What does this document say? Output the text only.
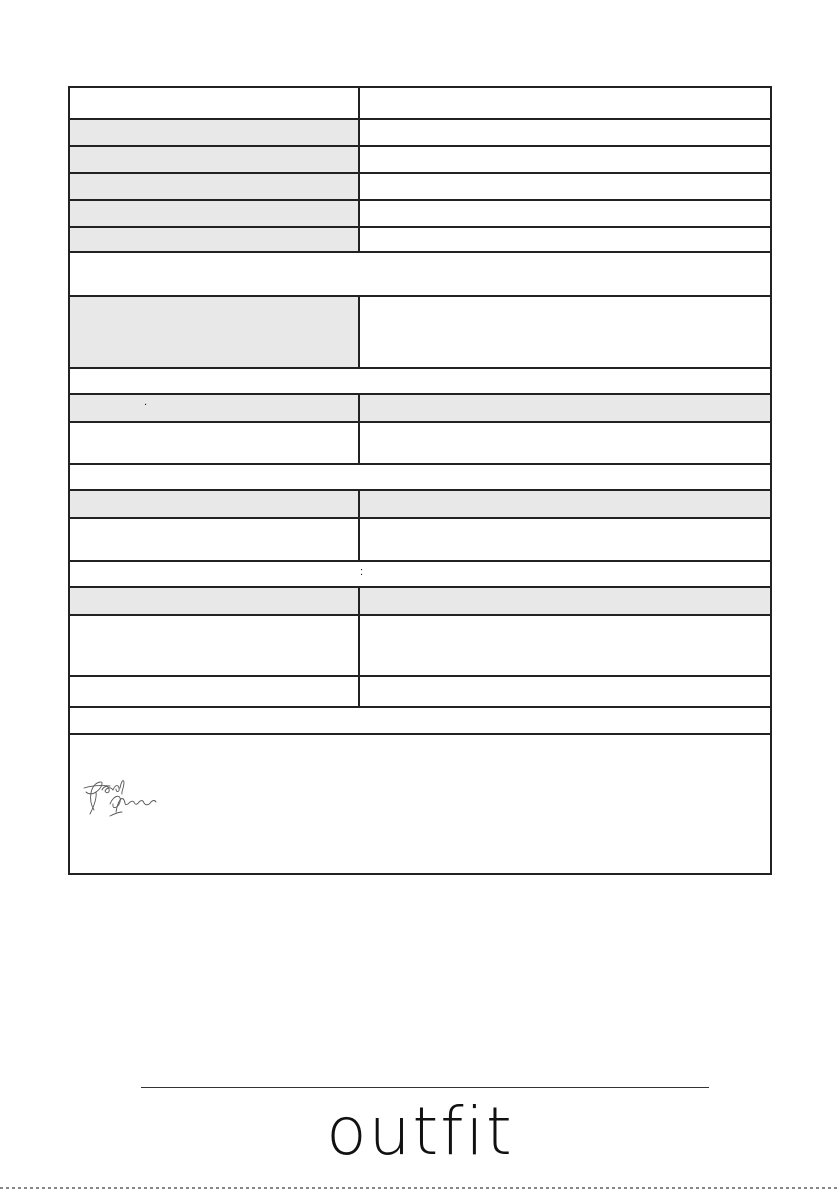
.
:
outfit
